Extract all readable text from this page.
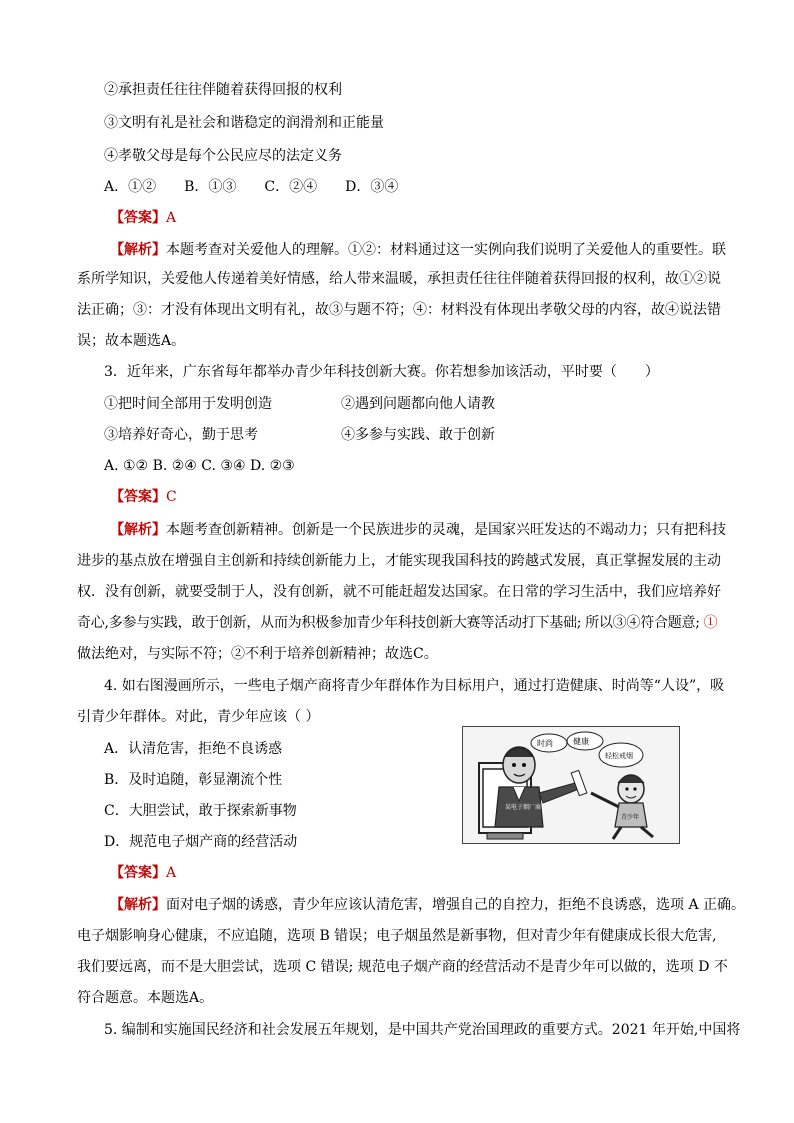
②承担责任往往伴随着获得回报的权利
③文明有礼是社会和谐稳定的润滑剂和正能量
④孝敬父母是每个公民应尽的法定义务
A．①②　　B．①③　　C．②④　　D．③④
【答案】A
【解析】本题考查对关爱他人的理解。①②：材料通过这一实例向我们说明了关爱他人的重要性。联
系所学知识，关爱他人传递着美好情感，给人带来温暖，承担责任往往伴随着获得回报的权利，故①②说
法正确；③：才没有体现出文明有礼，故③与题不符；④：材料没有体现出孝敬父母的内容，故④说法错
误；故本题选A。
3．近年来，广东省每年都举办青少年科技创新大赛。你若想参加该活动，平时要（　　）
①把时间全部用于发明创造	②遇到问题都向他人请教
③培养好奇心，勤于思考	④多参与实践、敢于创新
A. ①② B. ②④ C. ③④ D. ②③
【答案】C
【解析】本题考查创新精神。创新是一个民族进步的灵魂，是国家兴旺发达的不竭动力；只有把科技
进步的基点放在增强自主创新和持续创新能力上，才能实现我国科技的跨越式发展，真正掌握发展的主动
权．没有创新，就要受制于人，没有创新，就不可能赶超发达国家。在日常的学习生活中，我们应培养好
奇心,多参与实践，敢于创新，从而为积极参加青少年科技创新大赛等活动打下基础; 所以③④符合题意; ①
做法绝对，与实际不符；②不利于培养创新精神；故选C。
4. 如右图漫画所示，一些电子烟产商将青少年群体作为目标用户，通过打造健康、时尚等“人设”，吸
引青少年群体。对此，青少年应该（ ）
A．认清危害，拒绝不良诱惑
B．及时追随，彰显潮流个性
C．大胆尝试，敢于探索新事物
D．规范电子烟产商的经营活动
某电子烟厂商
时尚	健康
轻松戒烟
青少年
【答案】A
【解析】面对电子烟的诱惑，青少年应该认清危害，增强自己的自控力，拒绝不良诱惑，选项 A 正确。
电子烟影响身心健康，不应追随，选项 B 错误；电子烟虽然是新事物，但对青少年有健康成长很大危害,
我们要远离，而不是大胆尝试，选项 C 错误; 规范电子烟产商的经营活动不是青少年可以做的，选项 D 不
符合题意。本题选A。
5. 编制和实施国民经济和社会发展五年规划，是中国共产党治国理政的重要方式。2021 年开始,中国将
